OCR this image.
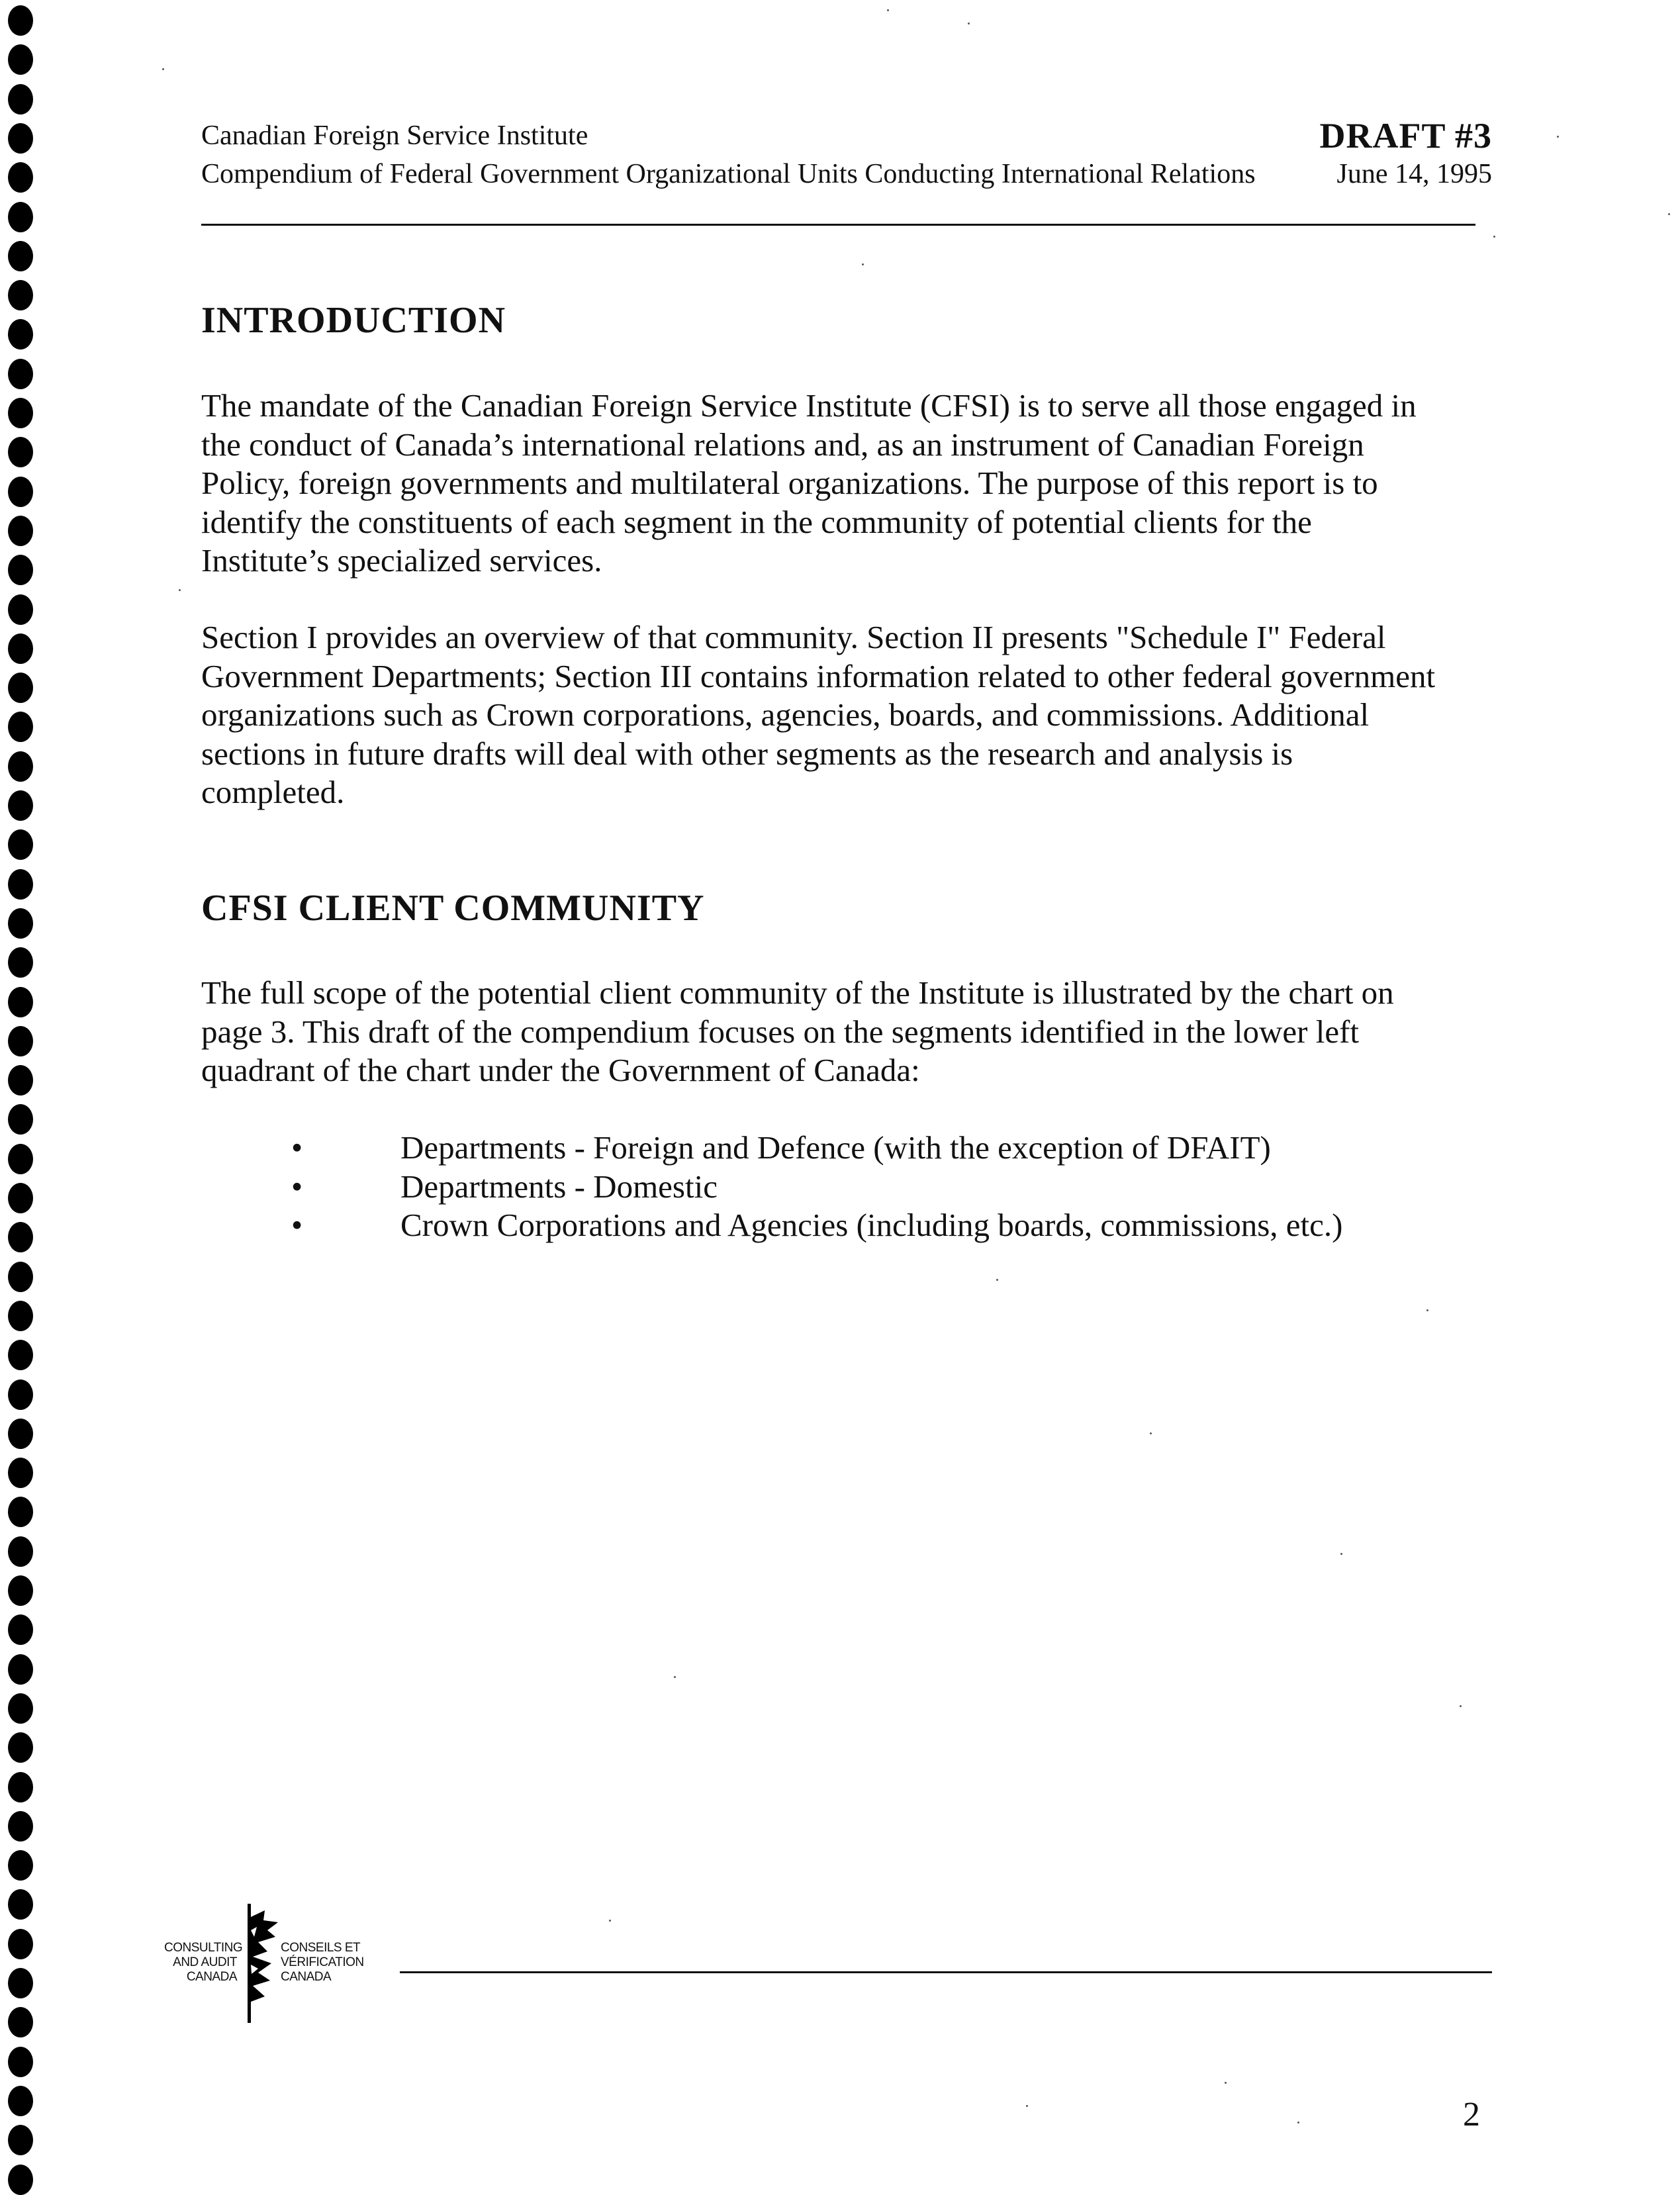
Canadian Foreign Service Institute
Compendium of Federal Government Organizational Units Conducting International Relations
DRAFT #3
June 14, 1995
INTRODUCTION
The mandate of the Canadian Foreign Service Institute (CFSI) is to serve all those engaged in
the conduct of Canada’s international relations and, as an instrument of Canadian Foreign
Policy, foreign governments and multilateral organizations. The purpose of this report is to
identify the constituents of each segment in the community of potential clients for the
Institute’s specialized services.
Section I provides an overview of that community. Section II presents "Schedule I" Federal
Government Departments; Section III contains information related to other federal government
organizations such as Crown corporations, agencies, boards, and commissions. Additional
sections in future drafts will deal with other segments as the research and analysis is
completed.
CFSI CLIENT COMMUNITY
The full scope of the potential client community of the Institute is illustrated by the chart on
page 3. This draft of the compendium focuses on the segments identified in the lower left
quadrant of the chart under the Government of Canada:
•	Departments - Foreign and Defence (with the exception of DFAIT)
•	Departments - Domestic
•	Crown Corporations and Agencies (including boards, commissions, etc.)
CONSULTING
AND AUDIT
CANADA
CONSEILS ET
VÉRIFICATION
CANADA
2
